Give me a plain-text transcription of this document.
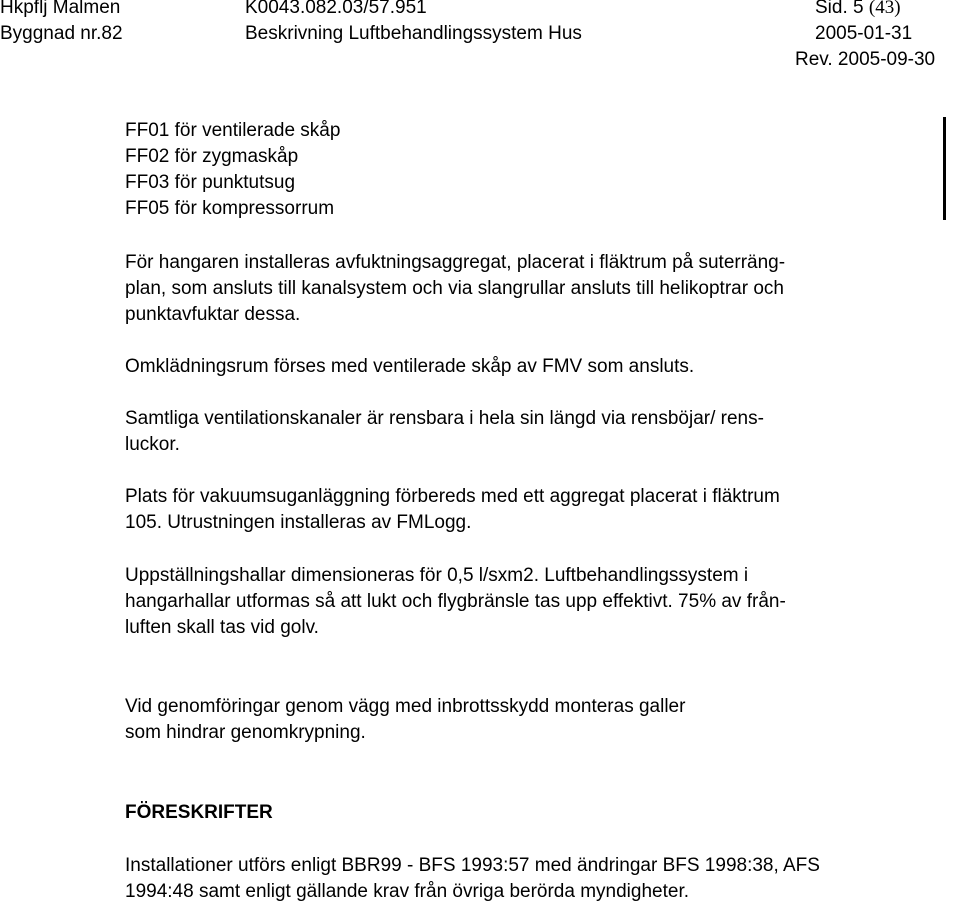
Hkpflj Malmen	K0043.082.03/57.951	Sid. 5 (43)
Byggnad nr.82	Beskrivning Luftbehandlingssystem Hus	2005-01-31
Rev. 2005-09-30
FF01 för ventilerade skåp
FF02 för zygmaskåp
FF03 för punktutsug
FF05 för kompressorrum
För hangaren installeras avfuktningsaggregat, placerat i fläktrum på suterräng-
plan, som ansluts till kanalsystem och via slangrullar ansluts till helikoptrar och
punktavfuktar dessa.
Omklädningsrum förses med ventilerade skåp av FMV som ansluts.
Samtliga ventilationskanaler är rensbara i hela sin längd via rensböjar/ rens-
luckor.
Plats för vakuumsuganläggning förbereds med ett aggregat placerat i fläktrum
105. Utrustningen installeras av FMLogg.
Uppställningshallar dimensioneras för 0,5 l/sxm2. Luftbehandlingssystem i
hangarhallar utformas så att lukt och flygbränsle tas upp effektivt. 75% av från-
luften skall tas vid golv.
Vid genomföringar genom vägg med inbrottsskydd monteras galler
som hindrar genomkrypning.
FÖRESKRIFTER
Installationer utförs enligt BBR99 - BFS 1993:57 med ändringar BFS 1998:38, AFS
1994:48 samt enligt gällande krav från övriga berörda myndigheter.
